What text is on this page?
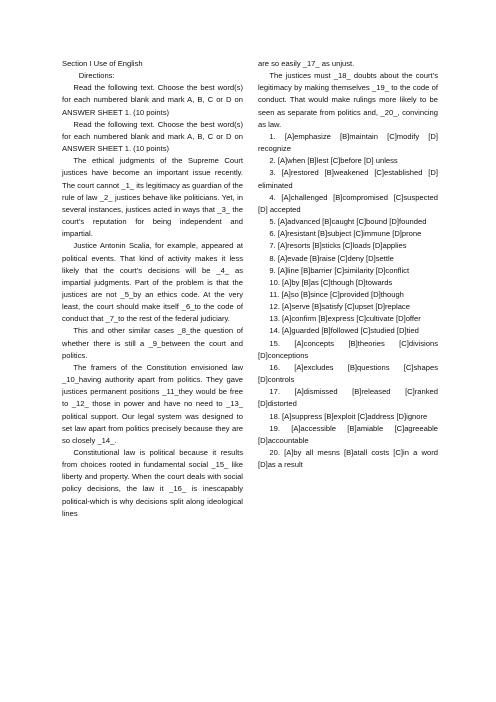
Section I Use of English

Directions:

Read the following text. Choose the best word(s) for each numbered blank and mark A, B, C or D on ANSWER SHEET 1. (10 points)

Read the following text. Choose the best word(s) for each numbered blank and mark A, B, C or D on ANSWER SHEET 1. (10 points)

The ethical judgments of the Supreme Court justices have become an important issue recently. The court cannot _1_ its legitimacy as guardian of the rule of law _2_ justices behave like politicians. Yet, in several instances, justices acted in ways that _3_ the court’s reputation for being independent and impartial.

Justice Antonin Scalia, for example, appeared at political events. That kind of activity makes it less likely that the court’s decisions will be _4_ as impartial judgments. Part of the problem is that the justices are not _5_by an ethics code. At the very least, the court should make itself _6_to the code of conduct that _7_to the rest of the federal judiciary.

This and other similar cases _8_the question of whether there is still a _9_between the court and politics.

The framers of the Constitution envisioned law _10_having authority apart from politics. They gave justices permanent positions _11_they would be free to _12_ those in power and have no need to _13_ political support. Our legal system was designed to set law apart from politics precisely because they are so closely _14_.

Constitutional law is political because it results from choices rooted in fundamental social _15_ like liberty and property. When the court deals with social policy decisions, the law it _16_ is inescapably political-which is why decisions split along ideological lines

are so easily _17_ as unjust.

The justices must _18_ doubts about the court’s legitimacy by making themselves _19_ to the code of conduct. That would make rulings more likely to be seen as separate from politics and, _20_, convincing as law.

1. [A]emphasize [B]maintain [C]modify [D] recognize

2. [A]when [B]lest [C]before [D] unless

3. [A]restored [B]weakened [C]established [D] eliminated

4. [A]challenged [B]compromised [C]suspected [D] accepted

5. [A]advanced [B]caught [C]bound [D]founded

6. [A]resistant [B]subject [C]immune [D]prone

7. [A]resorts [B]sticks [C]loads [D]applies

8. [A]evade [B]raise [C]deny [D]settle

9. [A]line [B]barrier [C]similarity [D]conflict

10. [A]by [B]as [C]though [D]towards

11. [A]so [B]since [C]provided [D]though

12. [A]serve [B]satisfy [C]upset [D]replace

13. [A]confirm [B]express [C]cultivate [D]offer

14. [A]guarded [B]followed [C]studied [D]tied

15. [A]concepts [B]theories [C]divisions [D]conceptions

16. [A]excludes [B]questions [C]shapes [D]controls

17. [A]dismissed [B]released [C]ranked [D]distorted

18. [A]suppress [B]exploit [C]address [D]ignore

19. [A]accessible [B]amiable [C]agreeable [D]accountable

20. [A]by all mesns [B]atall costs [C]in a word [D]as a result
